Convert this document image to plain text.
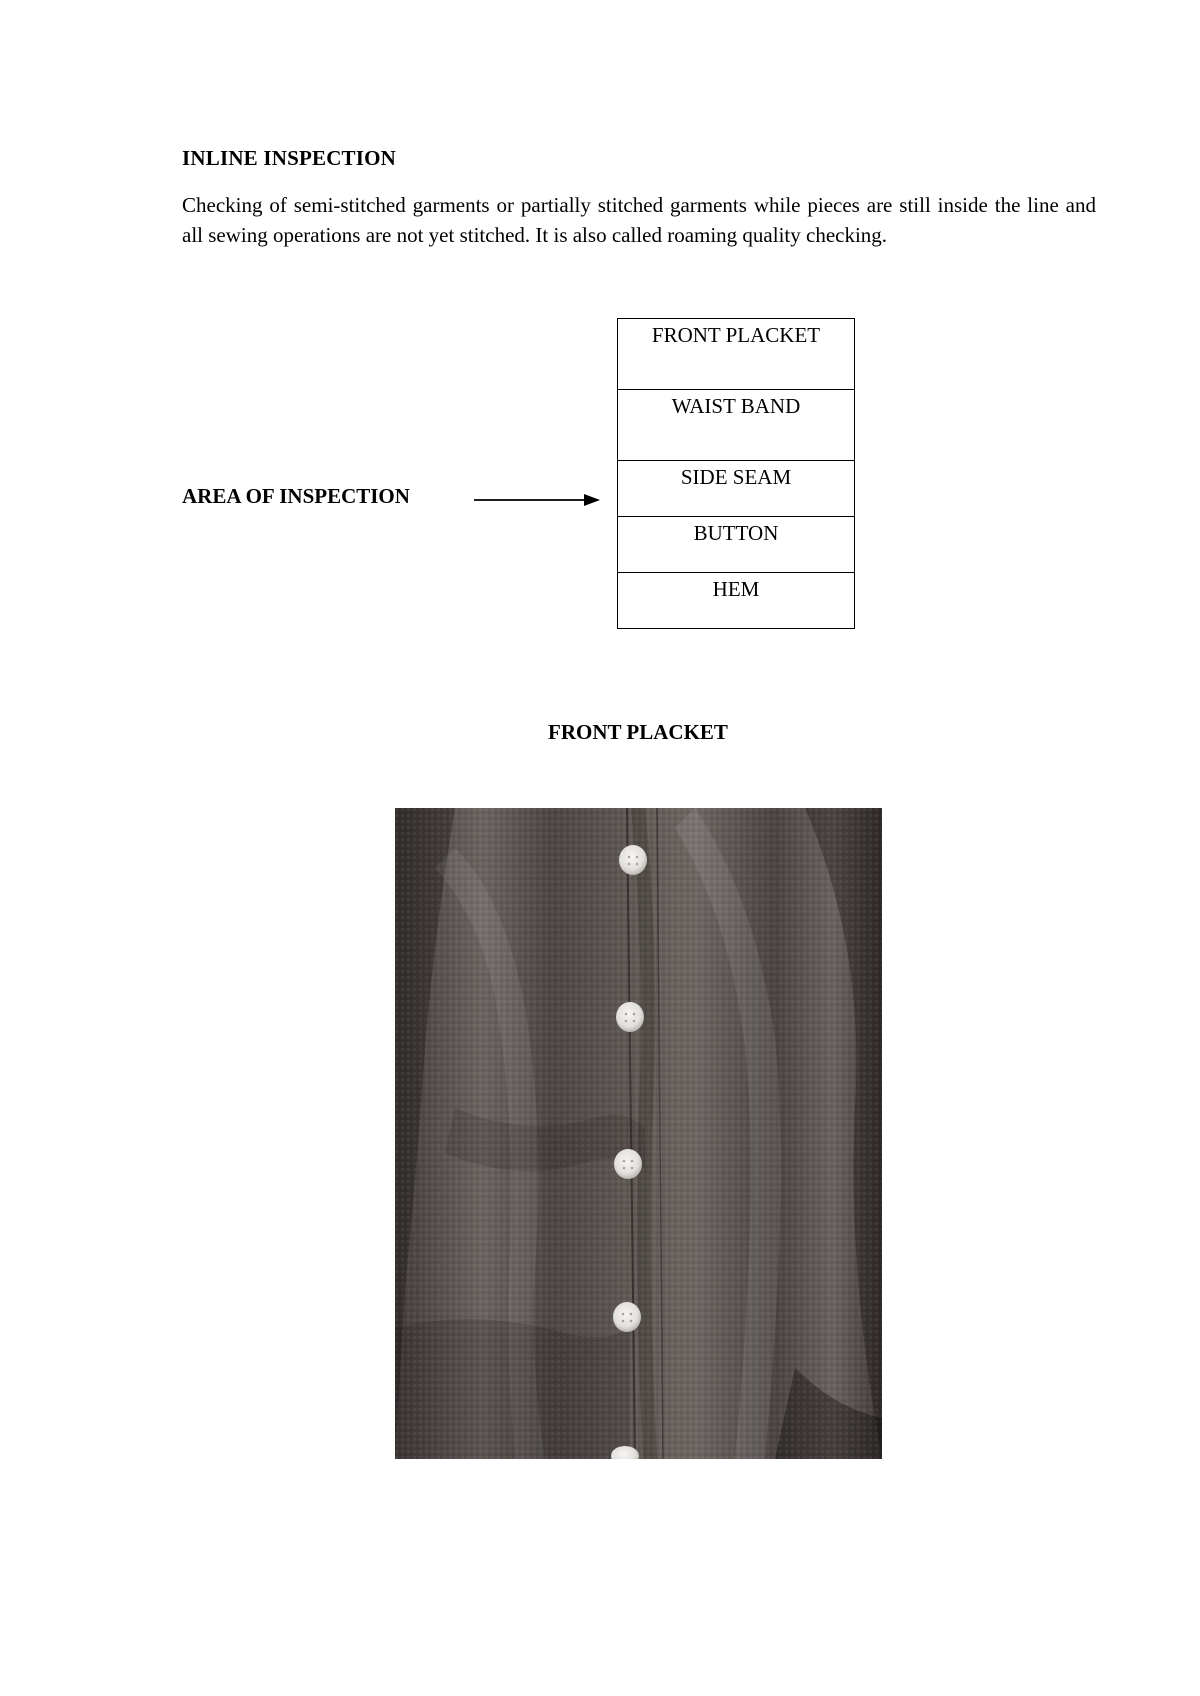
INLINE INSPECTION

Checking of semi-stitched garments or partially stitched garments while pieces are still inside the line and all sewing operations are not yet stitched. It is also called roaming quality checking.

AREA OF INSPECTION
FRONT PLACKET
WAIST BAND
SIDE SEAM
BUTTON
HEM
FRONT PLACKET
